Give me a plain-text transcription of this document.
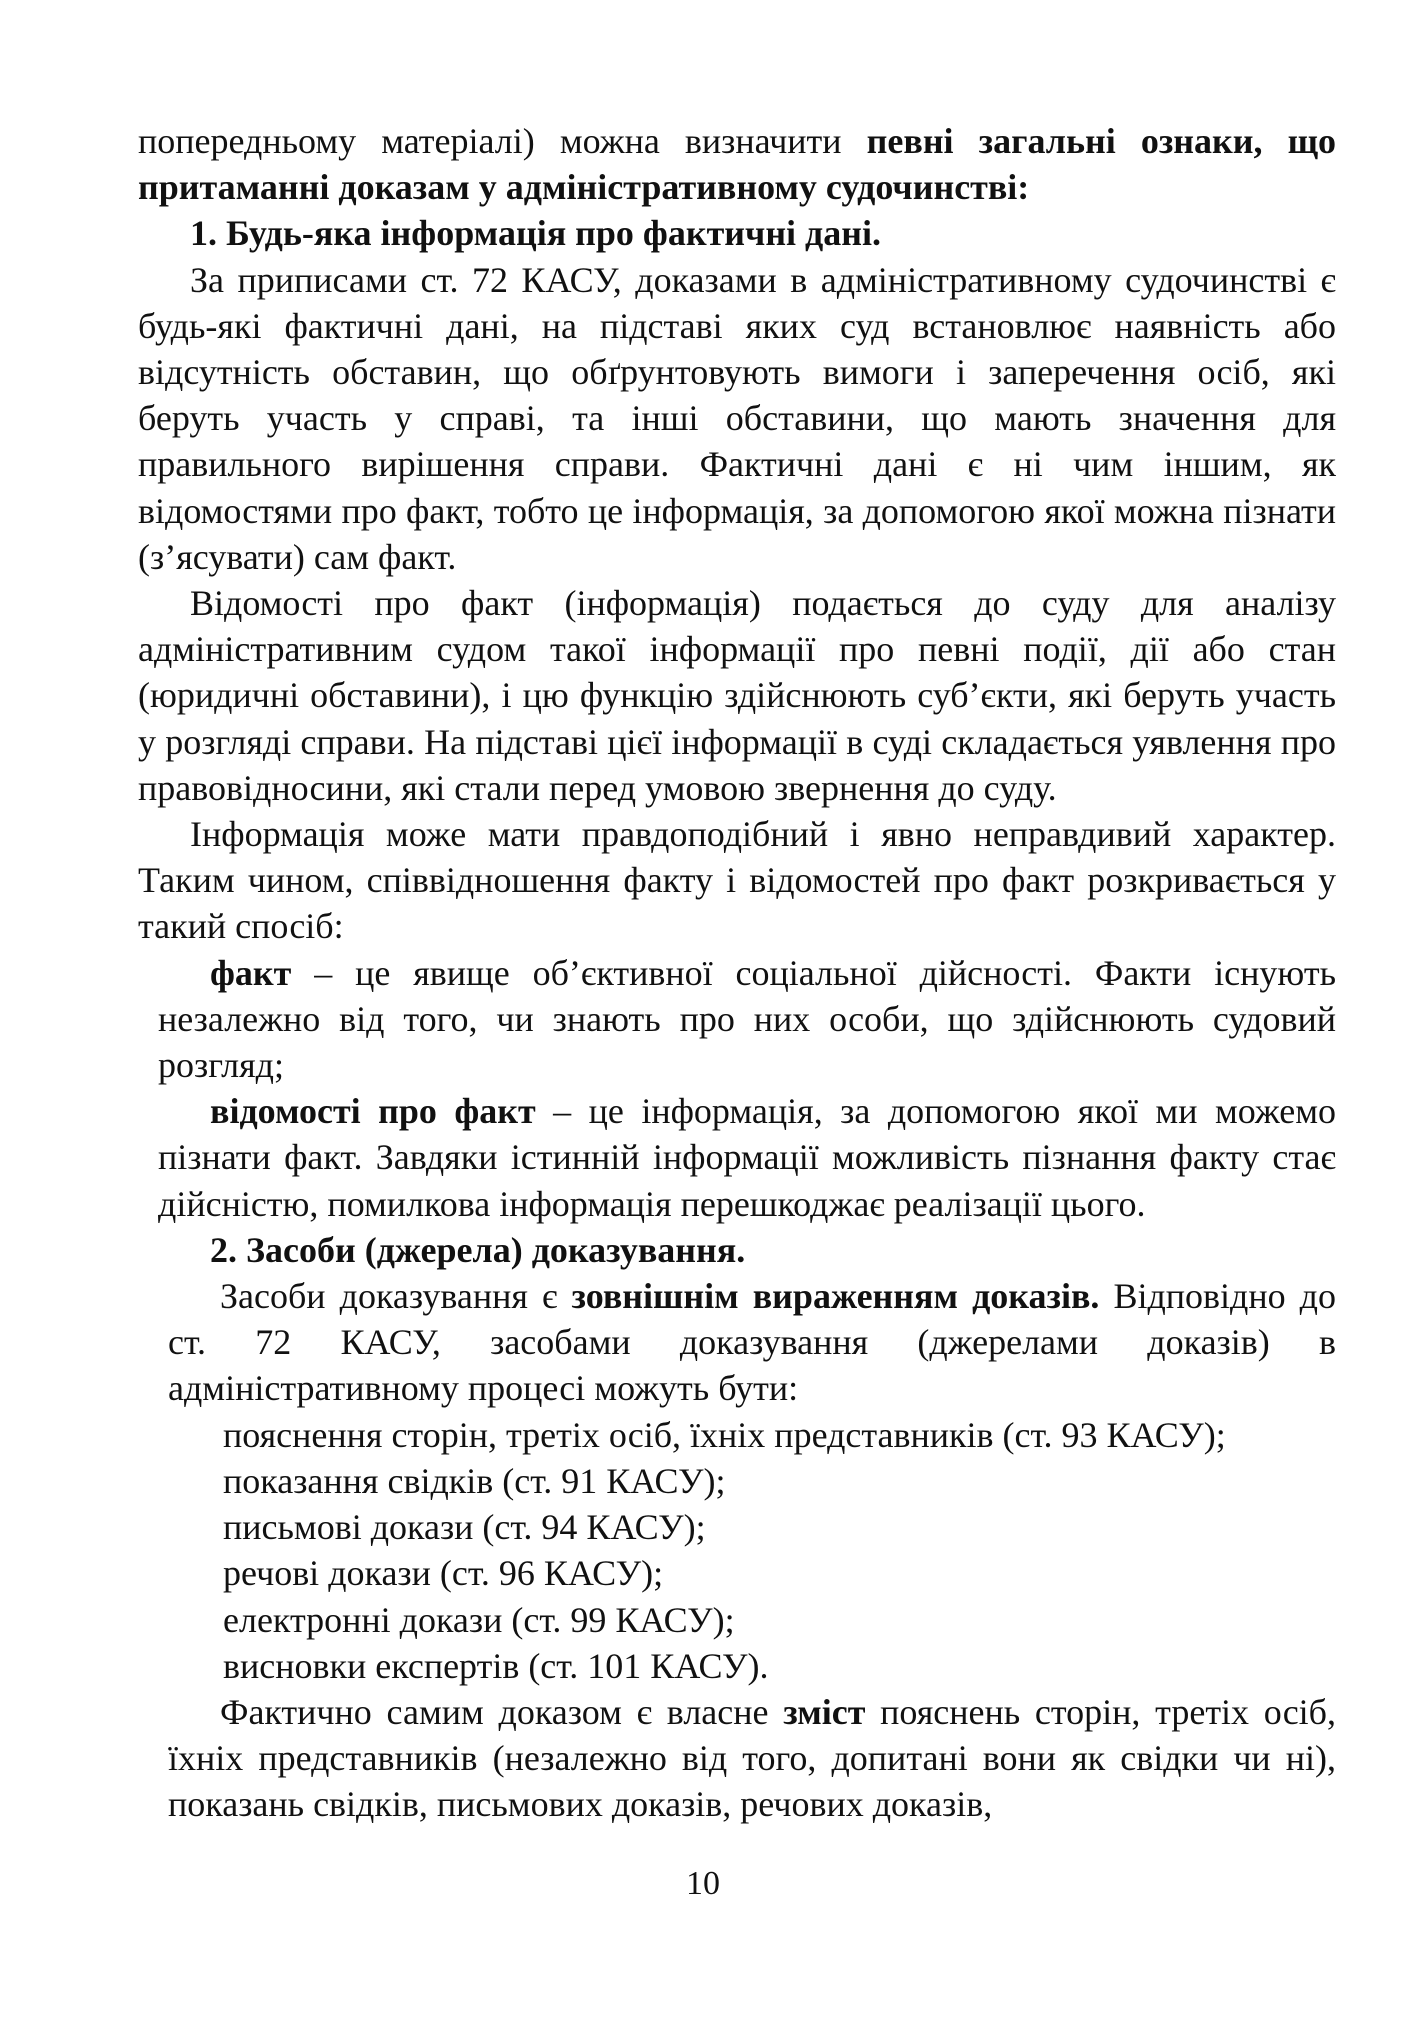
попередньому матеріалі) можна визначити певні загальні ознаки, що притаманні доказам у адміністративному судочинстві:

1. Будь-яка інформація про фактичні дані.

За приписами ст. 72 КАСУ, доказами в адміністративному судочинстві є будь-які фактичні дані, на підставі яких суд встановлює наявність або відсутність обставин, що обґрунтовують вимоги і заперечення осіб, які беруть участь у справі, та інші обставини, що мають значення для правильного вирішення справи. Фактичні дані є ні чим іншим, як відомостями про факт, тобто це інформація, за допомогою якої можна пізнати (з’ясувати) сам факт.

Відомості про факт (інформація) подається до суду для аналізу адміністративним судом такої інформації про певні події, дії або стан (юридичні обставини), і цю функцію здійснюють суб’єкти, які беруть участь у розгляді справи. На підставі цієї інформації в суді складається уявлення про правовідносини, які стали перед умовою звернення до суду.

Інформація може мати правдоподібний і явно неправдивий характер. Таким чином, співвідношення факту і відомостей про факт розкривається у такий спосіб:

факт – це явище об’єктивної соціальної дійсності. Факти існують незалежно від того, чи знають про них особи, що здійснюють судовий розгляд;

відомості про факт – це інформація, за допомогою якої ми можемо пізнати факт. Завдяки істинній інформації можливість пізнання факту стає дійсністю, помилкова інформація перешкоджає реалізації цього.

2. Засоби (джерела) доказування.

Засоби доказування є зовнішнім вираженням доказів. Відповідно до ст. 72 КАСУ, засобами доказування (джерелами доказів) в адміністративному процесі можуть бути:

пояснення сторін, третіх осіб, їхніх представників (ст. 93 КАСУ);

показання свідків (ст. 91 КАСУ);

письмові докази (ст. 94 КАСУ);

речові докази (ст. 96 КАСУ);

електронні докази (ст. 99 КАСУ);

висновки експертів (ст. 101 КАСУ).

Фактично самим доказом є власне зміст пояснень сторін, третіх осіб, їхніх представників (незалежно від того, допитані вони як свідки чи ні), показань свідків, письмових доказів, речових доказів,

10
